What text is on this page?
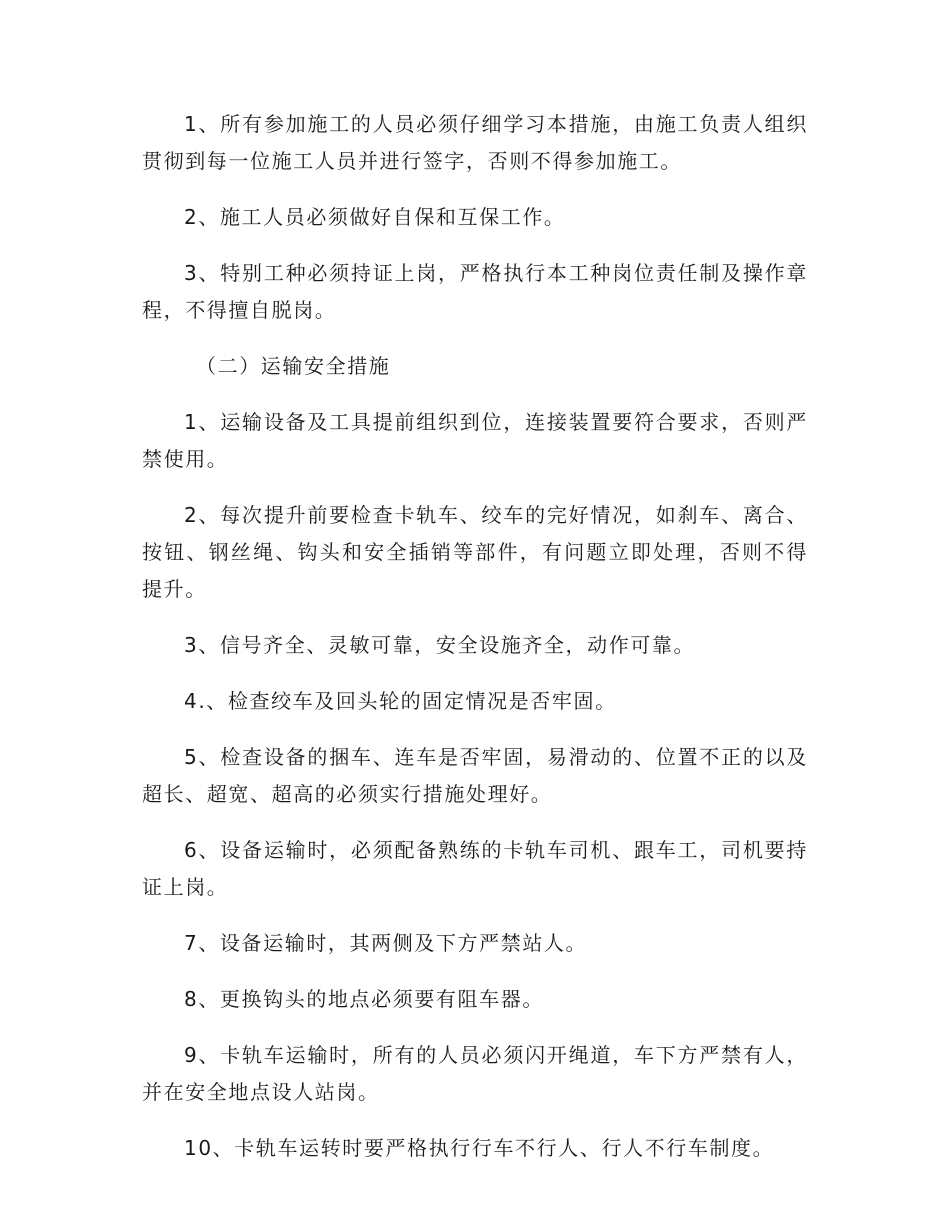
1、所有参加施工的人员必须仔细学习本措施，由施工负责人组织贯彻到每一位施工人员并进行签字，否则不得参加施工。

2、施工人员必须做好自保和互保工作。

3、特别工种必须持证上岗，严格执行本工种岗位责任制及操作章程，不得擅自脱岗。

（二）运输安全措施

1、运输设备及工具提前组织到位，连接装置要符合要求，否则严禁使用。

2、每次提升前要检查卡轨车、绞车的完好情况，如刹车、离合、按钮、钢丝绳、钩头和安全插销等部件，有问题立即处理，否则不得提升。

3、信号齐全、灵敏可靠，安全设施齐全，动作可靠。

4.、检查绞车及回头轮的固定情况是否牢固。

5、检查设备的捆车、连车是否牢固，易滑动的、位置不正的以及超长、超宽、超高的必须实行措施处理好。

6、设备运输时，必须配备熟练的卡轨车司机、跟车工，司机要持证上岗。

7、设备运输时，其两侧及下方严禁站人。

8、更换钩头的地点必须要有阻车器。

9、卡轨车运输时，所有的人员必须闪开绳道，车下方严禁有人，并在安全地点设人站岗。

10、卡轨车运转时要严格执行行车不行人、行人不行车制度。
